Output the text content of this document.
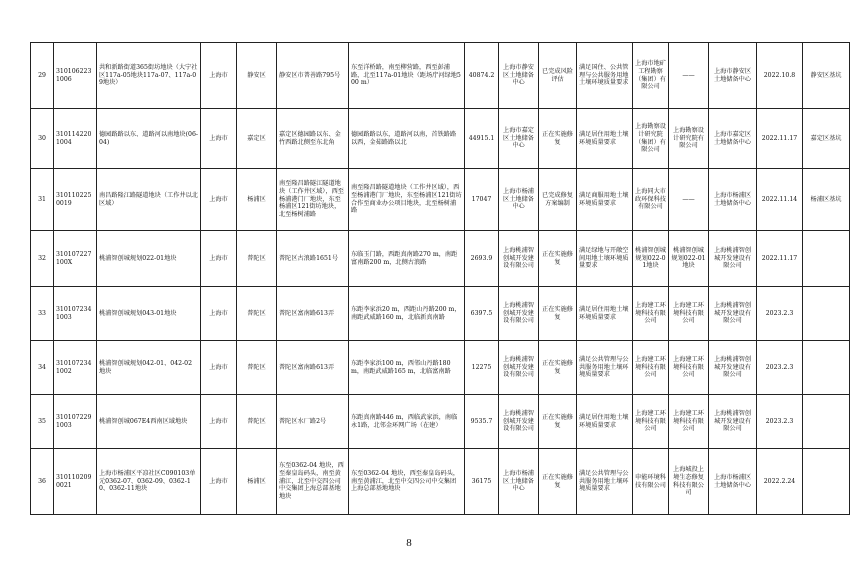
29	3101062231006	共和新路街道365街坊地块（大宁社区117a-05地块117a-07、117a-09地块）	上海市	静安区	静安区市普善路795号	东至洋桥路，南至柳营路，西至彭浦路，北至117a-01地块（距场庁河绿地500 m）	40874.2	上海市静安区土地储备中心	已完成风险评估	满足国住、公共管理与公共服务用地土壤环境质量要求	上海市地矿工程勘察（集团）有限公司	——	上海市静安区土地储备中心	2022.10.8	静安区基坑
30	3101142201004	德园路路以东、道路河以南地块(06-04)	上海市	嘉定区	嘉定区德园路以东、金竹西路北侧至东北角	德园路路以东，道路河以南，首铁路路以西，金茹路路以北	44915.1	上海市嘉定区土地储备中心	正在实施修复	满足居住用地土壤环境质量要求	上海勘察设计研究院（集团）有限公司	上海勘察设计研究院有限公司	上海市嘉定区土地储备中心	2022.11.17	嘉定区基坑
31	3101102250019	南昌路隆江路隧道地块（工作井以北区域）	上海市	杨浦区	南至隆昌路隧江隧道地块（工作井区域），西至杨浦港门厂地块，东至杨浦区121街坊地块，北至杨树浦路	南至隆昌路隧道地块（工作井区域），西至杨浦港门厂地块，东至杨浦区121街坊合作至商业办公项目地块，北至杨树浦路	17047	上海市杨浦区土地储备中心	已完成修复方案编制	满足商服用地土壤环境质量要求	上海同大市政环保科技有限公司	——	上海市杨浦区土地储备中心	2022.11.14	杨浦区基坑
32	310107227100X	桃浦智创城规划022-01地块	上海市	普陀区	普陀区古浪路1651号	东临玉门路，西距真南路270 m，南距富南路200 m，北侧古浪路	2693.9	上海桃浦智创城开发建设有限公司	正在实施修复	满足绿地与开敞空间用地土壤环境质量要求	桃浦智创城规划022-01地块	桃浦智创城规划022-01地块	上海桃浦智创城开发建设有限公司	2022.11.17	
33	3101072341003	桃浦智创城规划043-01地块	上海市	普陀区	普陀区富南路613弄	东距李家浜20 m，西距山丹路200 m，南距武威路160 m，北临新真南路	6397.5	上海桃浦智创城开发建设有限公司	正在实施修复	满足居住用地土壤环境质量要求	上海建工环境科技有限公司	上海建工环境科技有限公司	上海桃浦智创城开发建设有限公司	2023.2.3	
34	3101072341002	桃浦智创城规划042-01、042-02地块	上海市	普陀区	普陀区富南路613弄	东距李家浜100 m，西邻山丹路180 m，南距武威路165 m，北临富南路	12275	上海桃浦智创城开发建设有限公司	正在实施修复	满足公共管理与公共服务用地土壤环境质量要求	上海建工环境科技有限公司	上海建工环境科技有限公司	上海桃浦智创城开发建设有限公司	2023.2.3	
35	3101072291003	桃浦智创城067E4西南区域地块	上海市	普陀区	普陀区水厂路2号	东距真南路446 m，西临武家浜，南临永1路，北邻金环网广场（在建）	9535.7	上海桃浦智创城开发建设有限公司	正在实施修复	满足居住用地土壤环境质量要求	上海建工环境科技有限公司	上海建工环境科技有限公司	上海桃浦智创城开发建设有限公司	2023.2.3	
36	3101102090021	上海市杨浦区平凉社区C090103单元0362-07、0362-09、0362-10、0362-11地块	上海市	杨浦区	东至0362-04 地块，西至秦皇岛码头，南至黄浦江，北至中交四公司中交集团上海总部基地地块	东至0362-04 地块，西至秦皇岛码头，南至黄浦江，北至中交四公司中交集团上海总部基地地块	36175	上海市杨浦区土地储备中心	正在实施修复	满足公共管理与公共服务用地土壤环境质量要求	申能环境科技有限公司	上海城投上境生态修复科技有限公司	上海市杨浦区土地储备中心	2022.2.24	
8
